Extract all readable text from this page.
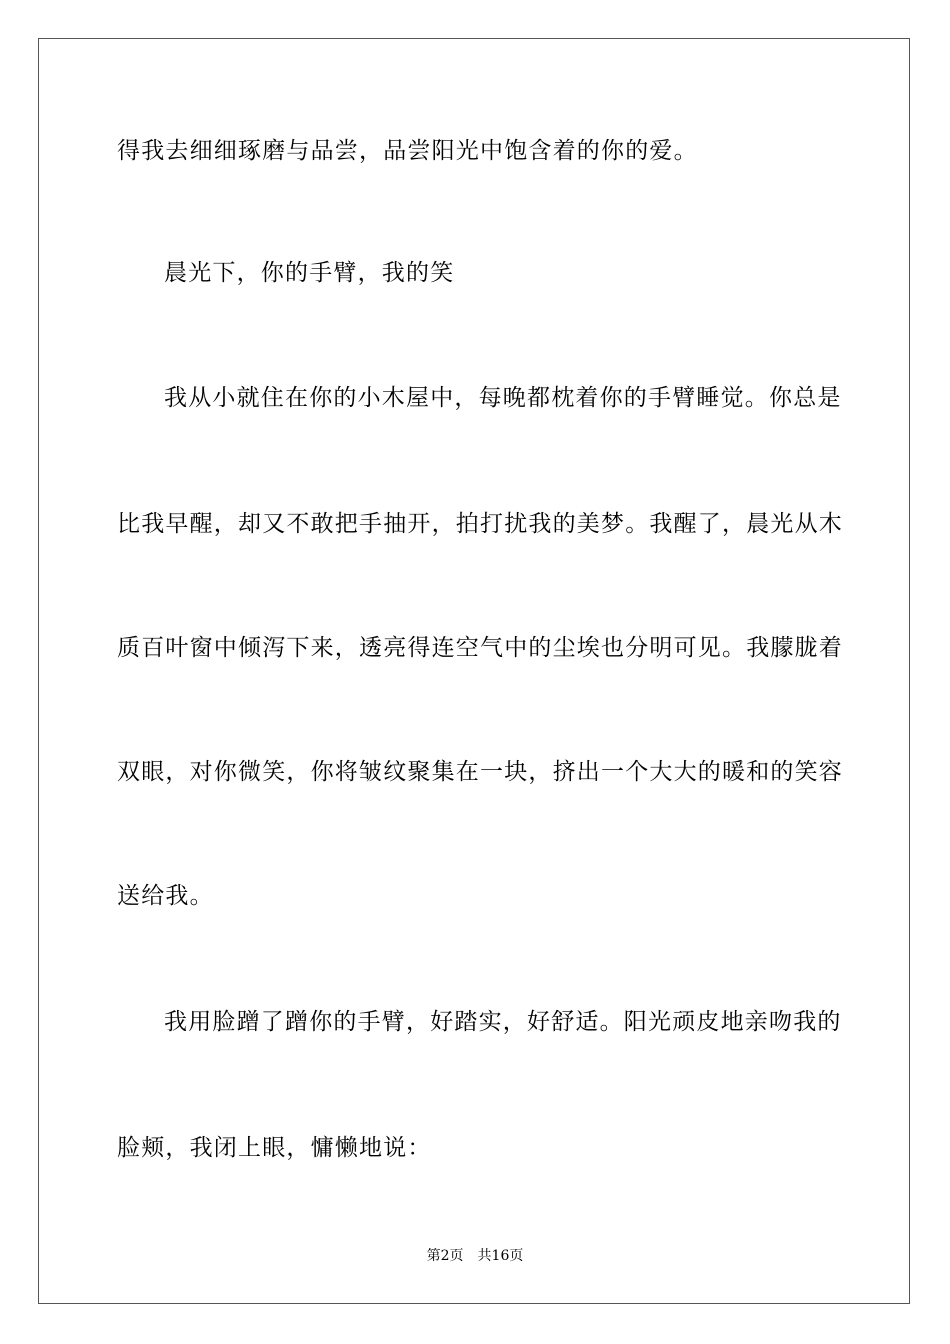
得我去细细琢磨与品尝，品尝阳光中饱含着的你的爱。

晨光下，你的手臂，我的笑

我从小就住在你的小木屋中，每晚都枕着你的手臂睡觉。你总是

比我早醒，却又不敢把手抽开，拍打扰我的美梦。我醒了，晨光从木

质百叶窗中倾泻下来，透亮得连空气中的尘埃也分明可见。我朦胧着

双眼，对你微笑，你将皱纹聚集在一块，挤出一个大大的暖和的笑容

送给我。

我用脸蹭了蹭你的手臂，好踏实，好舒适。阳光顽皮地亲吻我的

脸颊，我闭上眼，慵懒地说：

第2页 共16页
